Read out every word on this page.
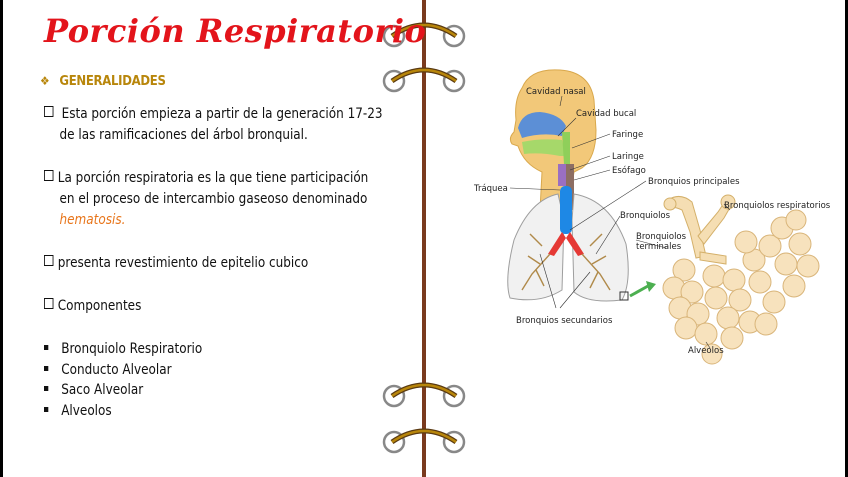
Porción Respiratorio
❖ GENERALIDADES
Esta porción empieza a partir de la generación 17-23
de las ramificaciones del árbol bronquial.
La porción respiratoria es la que tiene participación
en el proceso de intercambio gaseoso denominado
hematosis.
presenta revestimiento de epitelio cubico
Componentes
Bronquiolo Respiratorio
Conducto Alveolar
Saco Alveolar
Alveolos
Cavidad nasal
Cavidad bucal
Faringe
Laringe
Esófago
Bronquios principales
Tráquea
Bronquiolos
Bronquiolos
terminales
Bronquiolos respiratorios
Bronquios secundarios
Alveolos
